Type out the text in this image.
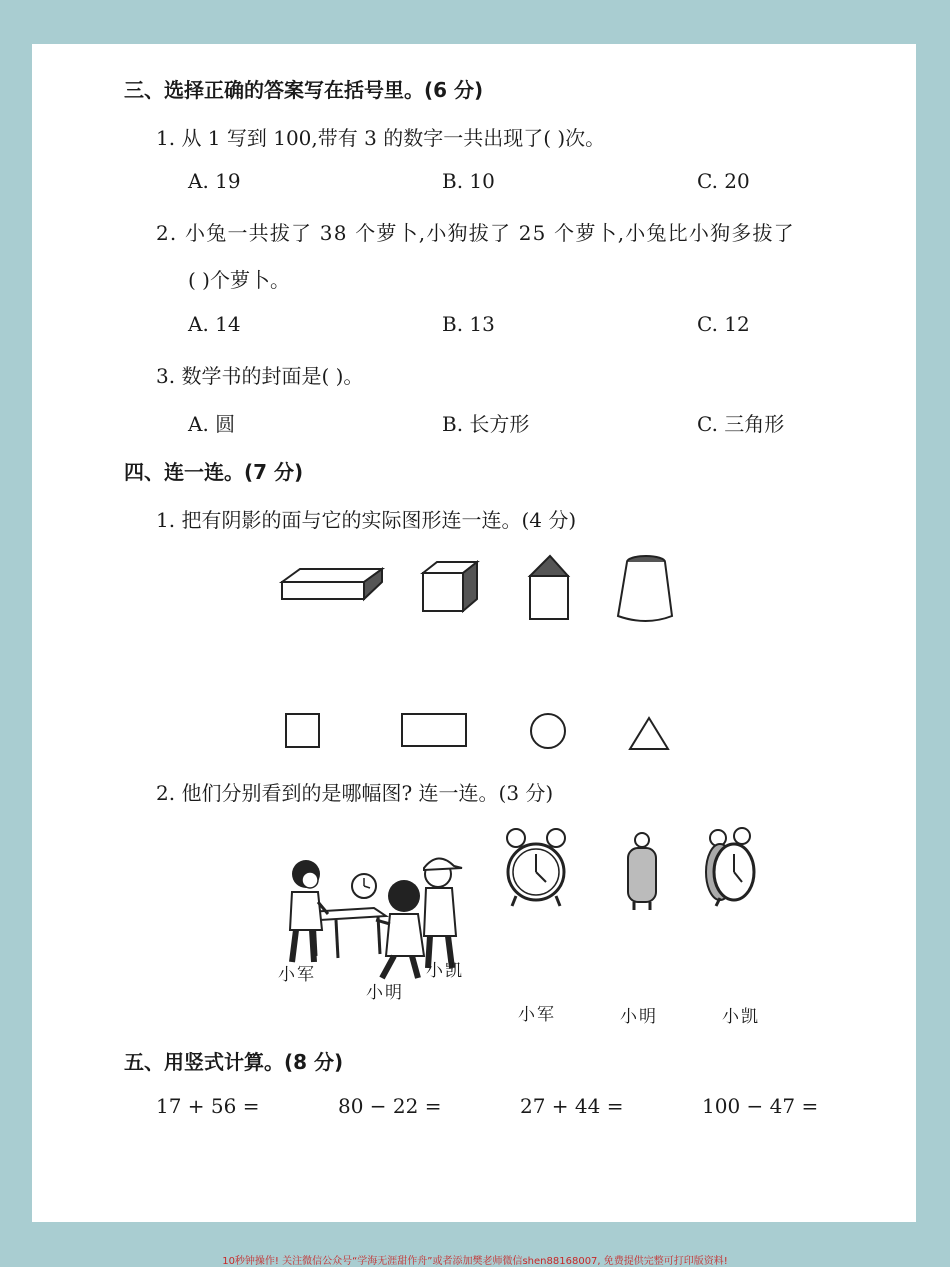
三、选择正确的答案写在括号里。(6 分)
1. 从 1 写到 100,带有 3 的数字一共出现了( )次。
A. 19	B. 10	C. 20
2. 小兔一共拔了 38 个萝卜,小狗拔了 25 个萝卜,小兔比小狗多拔了
( )个萝卜。
A. 14	B. 13	C. 12
3. 数学书的封面是( )。
A. 圆	B. 长方形	C. 三角形
四、连一连。(7 分)
1. 把有阴影的面与它的实际图形连一连。(4 分)
2. 他们分别看到的是哪幅图? 连一连。(3 分)
小军
小明
小凯
小军	小明	小凯
五、用竖式计算。(8 分)
17 + 56 =	80 − 22 =	27 + 44 =	100 − 47 =
10秒钟操作! 关注微信公众号“学海无涯甜作舟”或者添加樊老师微信shen88168007, 免费提供完整可打印版资料!
